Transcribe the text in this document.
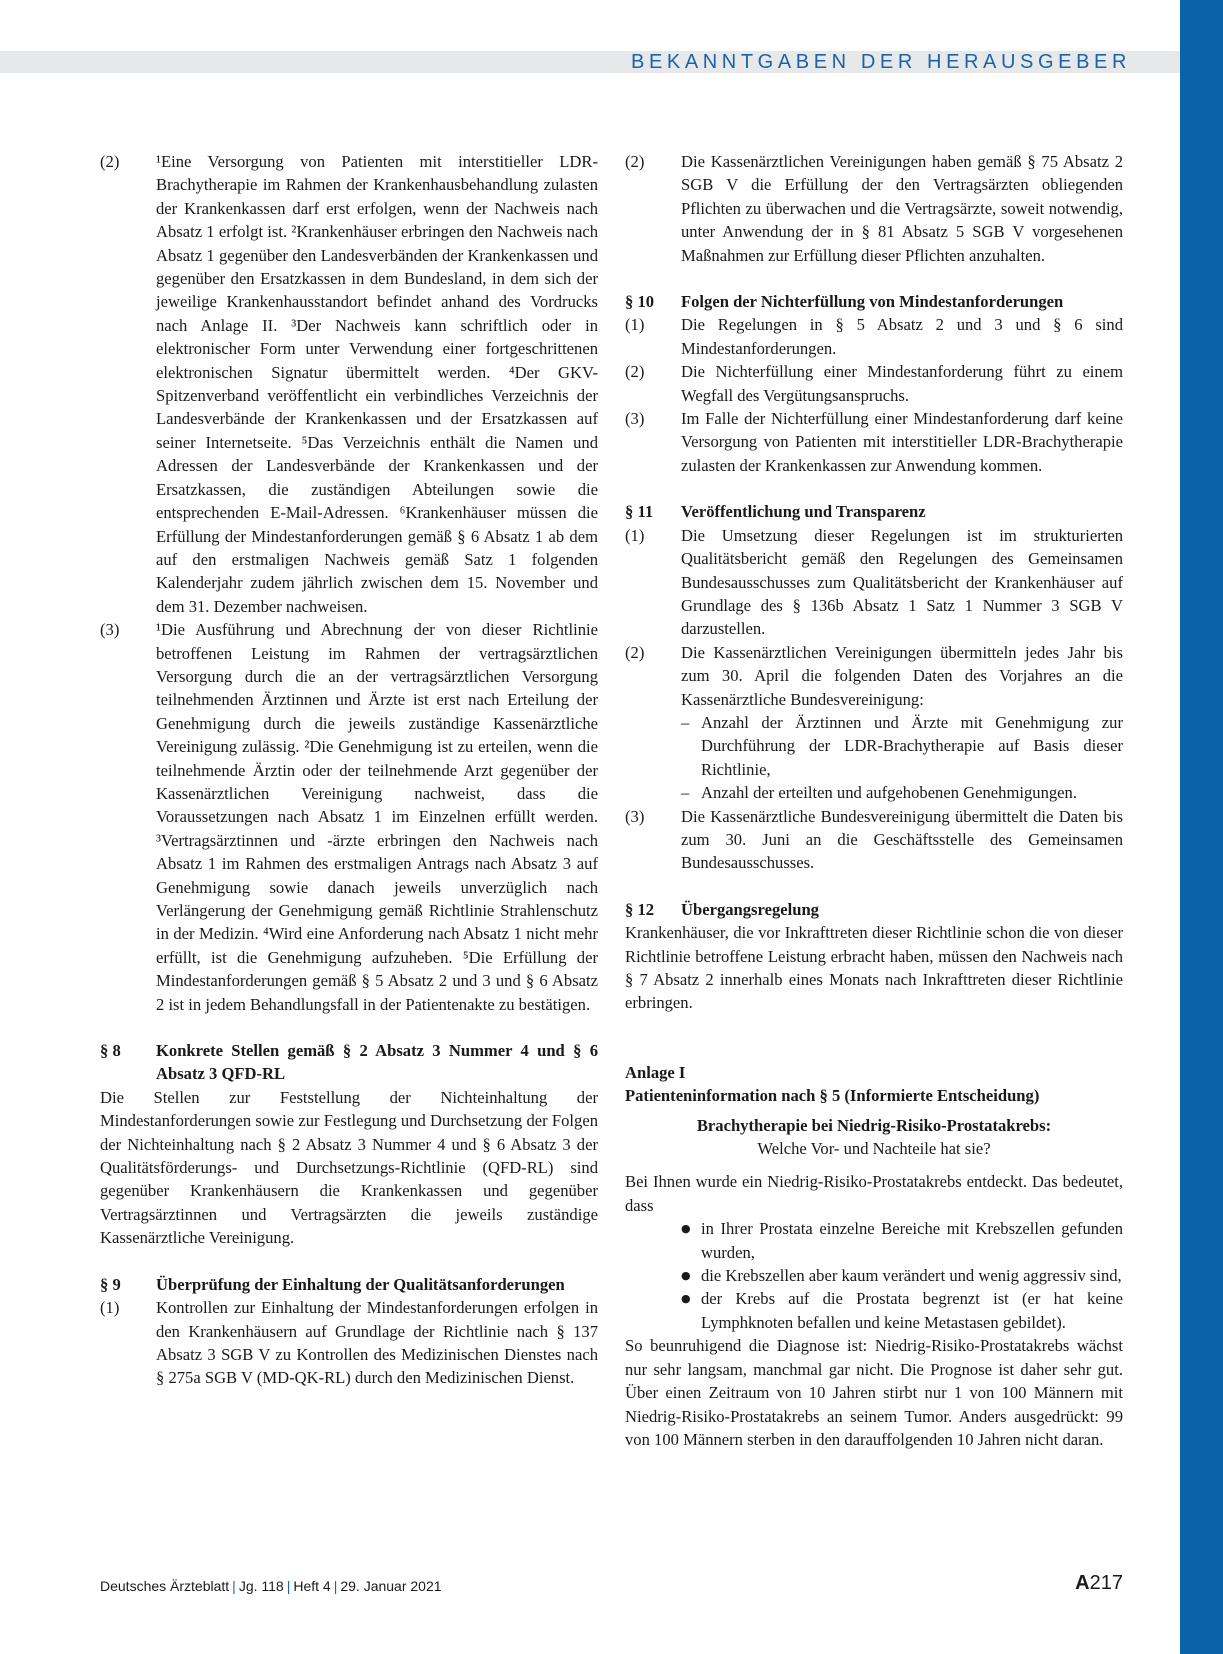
BEKANNTGABEN DER HERAUSGEBER
(2)	¹Eine Versorgung von Patienten mit interstitieller LDR-Brachytherapie im Rahmen der Krankenhausbehandlung zulasten der Krankenkassen darf erst erfolgen, wenn der Nachweis nach Absatz 1 erfolgt ist. ²Krankenhäuser erbringen den Nachweis nach Absatz 1 gegenüber den Landesverbänden der Krankenkassen und gegenüber den Ersatzkassen in dem Bundesland, in dem sich der jeweilige Krankenhausstandort befindet anhand des Vordrucks nach Anlage II. ³Der Nachweis kann schriftlich oder in elektronischer Form unter Verwendung einer fortgeschrittenen elektronischen Signatur übermittelt werden. ⁴Der GKV-Spitzenverband veröffentlicht ein verbindliches Verzeichnis der Landesverbände der Krankenkassen und der Ersatzkassen auf seiner Internetseite. ⁵Das Verzeichnis enthält die Namen und Adressen der Landesverbände der Krankenkassen und der Ersatzkassen, die zuständigen Abteilungen sowie die entsprechenden E-Mail-Adressen. ⁶Krankenhäuser müssen die Erfüllung der Mindestanforderungen gemäß § 6 Absatz 1 ab dem auf den erstmaligen Nachweis gemäß Satz 1 folgenden Kalenderjahr zudem jährlich zwischen dem 15. November und dem 31. Dezember nachweisen.

(3)	¹Die Ausführung und Abrechnung der von dieser Richtlinie betroffenen Leistung im Rahmen der vertragsärztlichen Versorgung durch die an der vertragsärztlichen Versorgung teilnehmenden Ärztinnen und Ärzte ist erst nach Erteilung der Genehmigung durch die jeweils zuständige Kassenärztliche Vereinigung zulässig. ²Die Genehmigung ist zu erteilen, wenn die teilnehmende Ärztin oder der teilnehmende Arzt gegenüber der Kassenärztlichen Vereinigung nachweist, dass die Voraussetzungen nach Absatz 1 im Einzelnen erfüllt werden. ³Vertragsärztinnen und -ärzte erbringen den Nachweis nach Absatz 1 im Rahmen des erstmaligen Antrags nach Absatz 3 auf Genehmigung sowie danach jeweils unverzüglich nach Verlängerung der Genehmigung gemäß Richtlinie Strahlenschutz in der Medizin. ⁴Wird eine Anforderung nach Absatz 1 nicht mehr erfüllt, ist die Genehmigung aufzuheben. ⁵Die Erfüllung der Mindestanforderungen gemäß § 5 Absatz 2 und 3 und § 6 Absatz 2 ist in jedem Behandlungsfall in der Patientenakte zu bestätigen.

§ 8	Konkrete Stellen gemäß § 2 Absatz 3 Nummer 4 und § 6 Absatz 3 QFD-RL

Die Stellen zur Feststellung der Nichteinhaltung der Mindestanforderungen sowie zur Festlegung und Durchsetzung der Folgen der Nichteinhaltung nach § 2 Absatz 3 Nummer 4 und § 6 Absatz 3 der Qualitätsförderungs- und Durchsetzungs-Richtlinie (QFD-RL) sind gegenüber Krankenhäusern die Krankenkassen und gegenüber Vertragsärztinnen und Vertragsärzten die jeweils zuständige Kassenärztliche Vereinigung.

§ 9	Überprüfung der Einhaltung der Qualitätsanforderungen
(1)	Kontrollen zur Einhaltung der Mindestanforderungen erfolgen in den Krankenhäusern auf Grundlage der Richtlinie nach § 137 Absatz 3 SGB V zu Kontrollen des Medizinischen Dienstes nach § 275a SGB V (MD-QK-RL) durch den Medizinischen Dienst.

(2)	Die Kassenärztlichen Vereinigungen haben gemäß § 75 Absatz 2 SGB V die Erfüllung der den Vertragsärzten obliegenden Pflichten zu überwachen und die Vertragsärzte, soweit notwendig, unter Anwendung der in § 81 Absatz 5 SGB V vorgesehenen Maßnahmen zur Erfüllung dieser Pflichten anzuhalten.

§ 10	Folgen der Nichterfüllung von Mindestanforderungen
(1)	Die Regelungen in § 5 Absatz 2 und 3 und § 6 sind Mindestanforderungen.

(2)	Die Nichterfüllung einer Mindestanforderung führt zu einem Wegfall des Vergütungsanspruchs.

(3)	Im Falle der Nichterfüllung einer Mindestanforderung darf keine Versorgung von Patienten mit interstitieller LDR-Brachytherapie zulasten der Krankenkassen zur Anwendung kommen.

§ 11	Veröffentlichung und Transparenz
(1)	Die Umsetzung dieser Regelungen ist im strukturierten Qualitätsbericht gemäß den Regelungen des Gemeinsamen Bundesausschusses zum Qualitätsbericht der Krankenhäuser auf Grundlage des § 136b Absatz 1 Satz 1 Nummer 3 SGB V darzustellen.

(2)	Die Kassenärztlichen Vereinigungen übermitteln jedes Jahr bis zum 30. April die folgenden Daten des Vorjahres an die Kassenärztliche Bundesvereinigung:

– Anzahl der Ärztinnen und Ärzte mit Genehmigung zur Durchführung der LDR-Brachytherapie auf Basis dieser Richtlinie,
– Anzahl der erteilten und aufgehobenen Genehmigungen.
(3)	Die Kassenärztliche Bundesvereinigung übermittelt die Daten bis zum 30. Juni an die Geschäftsstelle des Gemeinsamen Bundesausschusses.

§ 12	Übergangsregelung

Krankenhäuser, die vor Inkrafttreten dieser Richtlinie schon die von dieser Richtlinie betroffene Leistung erbracht haben, müssen den Nachweis nach § 7 Absatz 2 innerhalb eines Monats nach Inkrafttreten dieser Richtlinie erbringen.

Anlage I

Patienteninformation nach § 5 (Informierte Entscheidung)

Brachytherapie bei Niedrig-Risiko-Prostatakrebs:

Welche Vor- und Nachteile hat sie?

Bei Ihnen wurde ein Niedrig-Risiko-Prostatakrebs entdeckt. Das bedeutet, dass

● in Ihrer Prostata einzelne Bereiche mit Krebszellen gefunden wurden,
● die Krebszellen aber kaum verändert und wenig aggressiv sind,
● der Krebs auf die Prostata begrenzt ist (er hat keine Lymphknoten befallen und keine Metastasen gebildet).

So beunruhigend die Diagnose ist: Niedrig-Risiko-Prostatakrebs wächst nur sehr langsam, manchmal gar nicht. Die Prognose ist daher sehr gut. Über einen Zeitraum von 10 Jahren stirbt nur 1 von 100 Männern mit Niedrig-Risiko-Prostatakrebs an seinem Tumor. Anders ausgedrückt: 99 von 100 Männern sterben in den darauffolgenden 10 Jahren nicht daran.

Deutsches Ärzteblatt | Jg. 118 | Heft 4 | 29. Januar 2021	A217
